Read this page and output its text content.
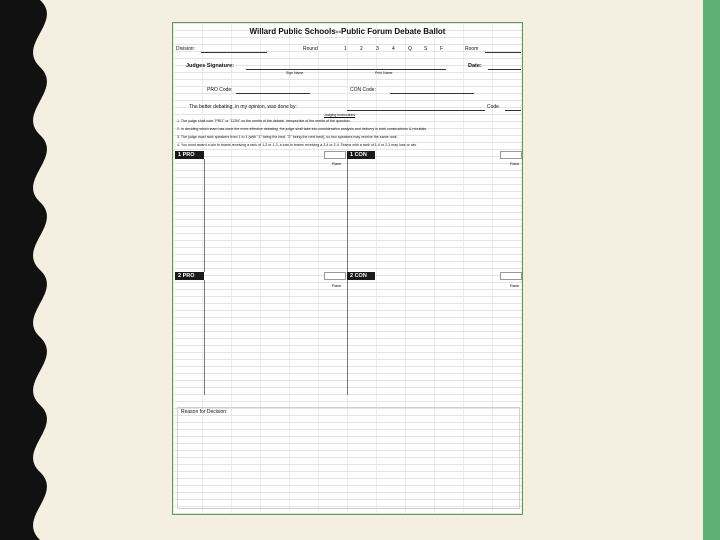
Willard Public Schools--Public Forum Debate Ballot
Division:	Round	1	2	3	4	Q S	F	Room
Judges Signature:
Sign Name	Print Name
Date:
PRO Code:	CON Code:
The better debating, in my opinion, was done by:	Code
Judging Instructions
1. The judge shall vote "PRO" or "CON" on the merits of the debate, irrespective of the merits of the question.
2. In deciding which team has done the more effective debating, the judge shall take into consideration analysis and delivery in both constructives & rebuttals.
3. The judge must rank speakers from 1 to 4 (with "1" being the best, "2" being the next best), no two speakers may receive the same rank.
4. You must award a win to teams receiving a rank of 1-2 or 1-3, a loss to teams receiving a 3-4 or 2-4. Teams with a rank of 1-4 or 2-3 may lose or win.
1 PRO	1 CON
Rank	Rank
2 PRO	2 CON
Rank	Rank
Reason for Decision:
